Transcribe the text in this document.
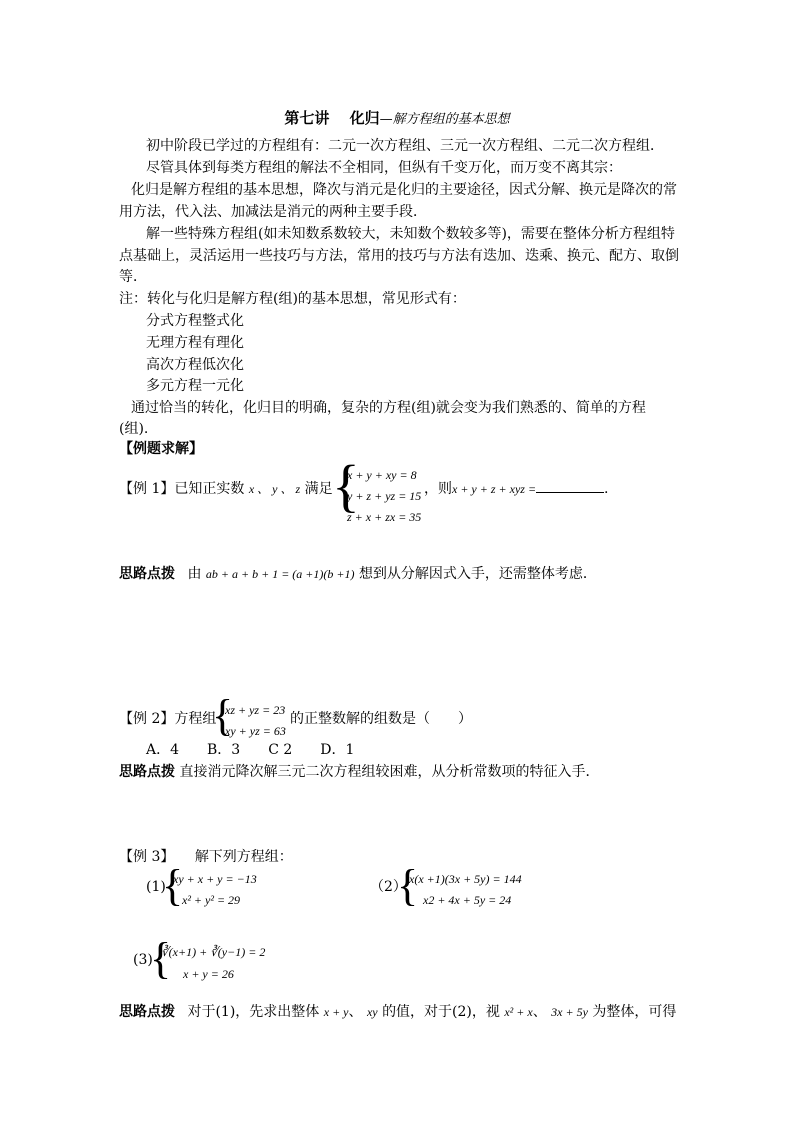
第七讲　 化归—解方程组的基本思想
初中阶段已学过的方程组有：二元一次方程组、三元一次方程组、二元二次方程组．
尽管具体到每类方程组的解法不全相同，但纵有千变万化，而万变不离其宗：
化归是解方程组的基本思想，降次与消元是化归的主要途径，因式分解、换元是降次的常
用方法，代入法、加减法是消元的两种主要手段．
解一些特殊方程组(如未知数系数较大，未知数个数较多等)，需要在整体分析方程组特
点基础上，灵活运用一些技巧与方法，常用的技巧与方法有迭加、迭乘、换元、配方、取倒
等．
注：转化与化归是解方程(组)的基本思想，常见形式有：
分式方程整式化
无理方程有理化
高次方程低次化
多元方程一元化
通过恰当的转化，化归目的明确，复杂的方程(组)就会变为我们熟悉的、简单的方程
(组).
【例题求解】
【例 1】已知正实数 x 、 y 、 z 满足 {
x + y + xy = 8
y + z + yz = 15
z + x + zx = 35
，则x + y + z + xyz =	.
思路点拨 由 ab + a + b + 1 = (a +1)(b +1) 想到从分解因式入手，还需整体考虑．
【例 2】方程组
{
xz + yz = 23
xy + yz = 63
的正整数解的组数是（　　）
A．4　　B．3　　C 2　　D．1
思路点拨 直接消元降次解三元二次方程组较困难，从分析常数项的特征入手．
【例 3】 解下列方程组：
(1)
{
xy + x + y = −13
x² + y² = 29
（2）
{
x(x +1)(3x + 5y) = 144
x2 + 4x + 5y = 24
(3)
{
∛(x+1) + ∛(y−1) = 2
x + y = 26
思路点拨 对于(1)，先求出整体 x + y、 xy 的值，对于(2)，视 x² + x、 3x + 5y 为整体，可得
